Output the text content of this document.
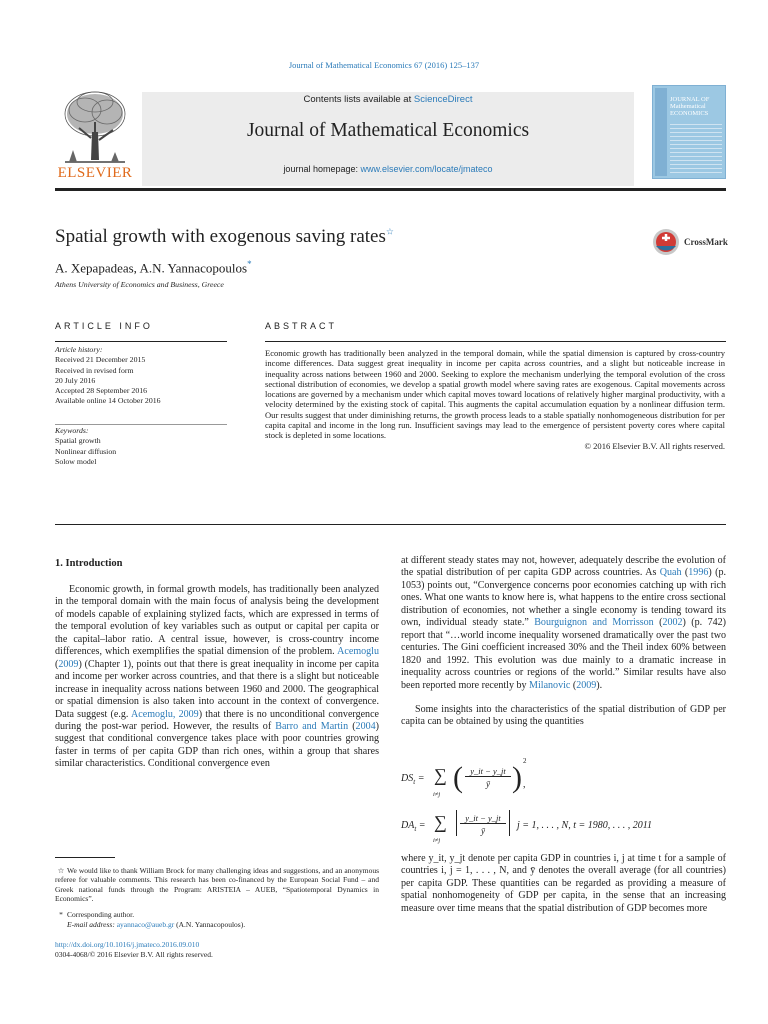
Journal of Mathematical Economics 67 (2016) 125–137
ELSEVIER
Contents lists available at ScienceDirect
Journal of Mathematical Economics
journal homepage: www.elsevier.com/locate/jmateco
JOURNAL OF
Mathematical
ECONOMICS
Spatial growth with exogenous saving rates☆
A. Xepapadeas, A.N. Yannacopoulos*
Athens University of Economics and Business, Greece
CrossMark
ARTICLE INFO	ABSTRACT
Article history:
Received 21 December 2015
Received in revised form
20 July 2016
Accepted 28 September 2016
Available online 14 October 2016
Keywords:
Spatial growth
Nonlinear diffusion
Solow model
Economic growth has traditionally been analyzed in the temporal domain, while the spatial dimension is captured by cross-country income differences. Data suggest great inequality in income per capita across countries, and a slight but noticeable increase in inequality across nations between 1960 and 2000. Seeking to explore the mechanism underlying the temporal evolution of the cross sectional distribution of economies, we develop a spatial growth model where saving rates are exogenous. Capital movements across locations are governed by a mechanism under which capital moves toward locations of relatively higher marginal productivity, with a velocity determined by the existing stock of capital. This augments the capital accumulation equation by a nonlinear diffusion term. Our results suggest that under diminishing returns, the growth process leads to a stable spatially nonhomogeneous distribution for per capita capital and income in the long run. Insufficient savings may lead to the emergence of persistent poverty cores where capital stock is depleted in some locations.
© 2016 Elsevier B.V. All rights reserved.
1. Introduction
Economic growth, in formal growth models, has traditionally been analyzed in the temporal domain with the main focus of analysis being the development of models capable of explaining stylized facts, which are expressed in terms of the temporal evolution of key variables such as output or capital per capita or the capital–labor ratio. A central issue, however, is cross-country income differences, which exemplifies the spatial dimension of the problem. Acemoglu (2009) (Chapter 1), points out that there is great inequality in income per capita and income per worker across countries, and that there is a slight but noticeable increase in inequality across nations between 1960 and 2000. The geographical or spatial dimension is also taken into account in the context of convergence. Data suggest (e.g. Acemoglu, 2009) that there is no unconditional convergence during the post-war period. However, the results of Barro and Martin (2004) suggest that conditional convergence takes place with poor countries growing faster in terms of per capita GDP than rich ones, within a group that shares similar characteristics. Conditional convergence even
at different steady states may not, however, adequately describe the evolution of the spatial distribution of per capita GDP across countries. As Quah (1996) (p. 1053) points out, “Convergence concerns poor economies catching up with rich ones. What one wants to know here is, what happens to the entire cross sectional distribution of economies, not whether a single economy is tending toward its own, individual steady state.” Bourguignon and Morrisson (2002) (p. 742) report that “…world income inequality worsened dramatically over the past two centuries. The Gini coefficient increased 30% and the Theil index 60% between 1820 and 1992. This evolution was due mainly to a dramatic increase in inequality across countries or regions of the world.” Similar results have also been reported more recently by Milanovic (2009).
Some insights into the characteristics of the spatial distribution of GDP per capita can be obtained by using the quantities
$DS_t$ = ∑
i≠j
( y_it − y_jt
ȳ ) 2
,
$DA_t$ = ∑
i≠j
y_it − y_jt
ȳ	j = 1, . . . , N, t = 1980, . . . , 2011
where y_it, y_jt denote per capita GDP in countries i, j at time t for a sample of countries i, j = 1, . . . , N, and ȳ denotes the overall average (for all countries) per capita GDP. These quantities can be regarded as providing a measure of spatial nonhomogeneity of GDP per capita, in the sense that an increasing measure over time means that the spatial distribution of GDP becomes more
☆ We would like to thank William Brock for many challenging ideas and suggestions, and an anonymous referee for valuable comments. This research has been co-financed by the European Social Fund – and Greek national funds through the Program: ARISTEIA – AUEB, “Spatiotemporal Dynamics in Economics”.
* Corresponding author.
E-mail address: ayannaco@aueb.gr (A.N. Yannacopoulos).
http://dx.doi.org/10.1016/j.jmateco.2016.09.010
0304-4068/© 2016 Elsevier B.V. All rights reserved.
